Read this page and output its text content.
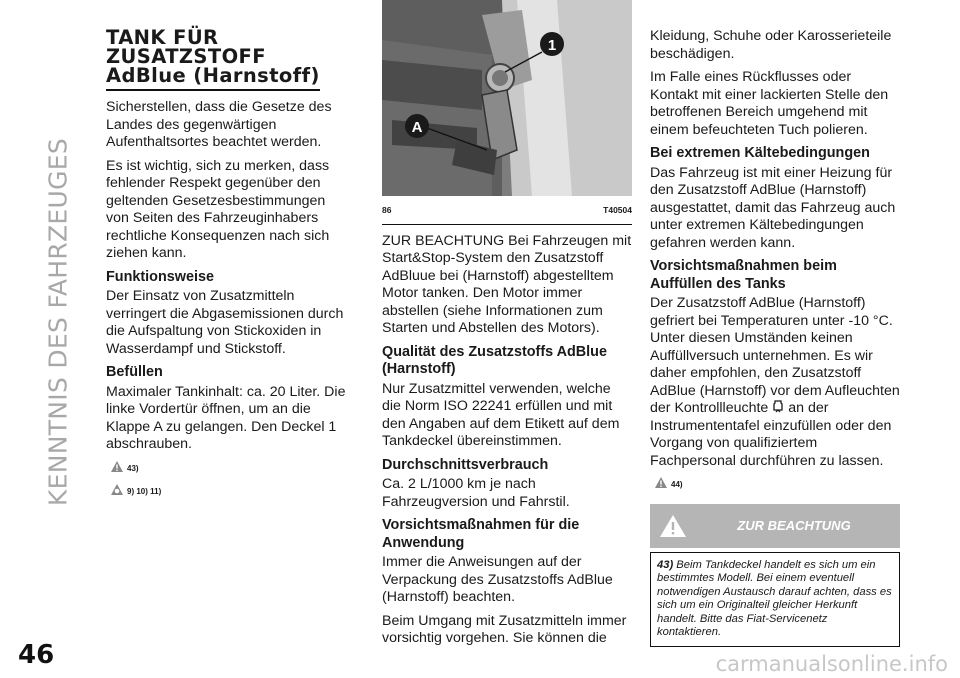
KENNTNIS DES FAHRZEUGES
TANK FÜR
ZUSATZSTOFF
AdBlue (Harnstoff)

Sicherstellen, dass die Gesetze des Landes des gegenwärtigen Aufenthaltsortes beachtet werden.

Es ist wichtig, sich zu merken, dass fehlender Respekt gegenüber den geltenden Gesetzesbestimmungen von Seiten des Fahrzeuginhabers rechtliche Konsequenzen nach sich ziehen kann.

Funktionsweise

Der Einsatz von Zusatzmitteln verringert die Abgasemissionen durch die Aufspaltung von Stickoxiden in Wasserdampf und Stickstoff.

Befüllen

Maximaler Tankinhalt: ca. 20 Liter. Die linke Vordertür öffnen, um an die Klappe A zu gelangen. Den Deckel 1 abschrauben.

43)
9) 10) 11)
1
A
86	T40504

ZUR BEACHTUNG Bei Fahrzeugen mit Start&Stop-System den Zusatzstoff AdBluue bei (Harnstoff) abgestelltem Motor tanken. Den Motor immer abstellen (siehe Informationen zum Starten und Abstellen des Motors).

Qualität des Zusatzstoffs AdBlue (Harnstoff)

Nur Zusatzmittel verwenden, welche die Norm ISO 22241 erfüllen und mit den Angaben auf dem Etikett auf dem Tankdeckel übereinstimmen.

Durchschnittsverbrauch

Ca. 2 L/1000 km je nach Fahrzeugversion und Fahrstil.

Vorsichtsmaßnahmen für die Anwendung

Immer die Anweisungen auf der Verpackung des Zusatzstoffs AdBlue (Harnstoff) beachten.

Beim Umgang mit Zusatzmitteln immer vorsichtig vorgehen. Sie können die

Kleidung, Schuhe oder Karosserieteile beschädigen.

Im Falle eines Rückflusses oder Kontakt mit einer lackierten Stelle den betroffenen Bereich umgehend mit einem befeuchteten Tuch polieren.

Bei extremen Kältebedingungen

Das Fahrzeug ist mit einer Heizung für den Zusatzstoff AdBlue (Harnstoff) ausgestattet, damit das Fahrzeug auch unter extremen Kältebedingungen gefahren werden kann.

Vorsichtsmaßnahmen beim Auffüllen des Tanks

Der Zusatzstoff AdBlue (Harnstoff) gefriert bei Temperaturen unter -10 °C. Unter diesen Umständen keinen Auffüllversuch unternehmen. Es wir daher empfohlen, den Zusatzstoff AdBlue (Harnstoff) vor dem Aufleuchten der Kontrollleuchte an der Instrumententafel einzufüllen oder den Vorgang von qualifiziertem Fachpersonal durchführen zu lassen.

44)
ZUR BEACHTUNG
43) Beim Tankdeckel handelt es sich um ein bestimmtes Modell. Bei einem eventuell notwendigen Austausch darauf achten, dass es sich um ein Originalteil gleicher Herkunft handelt. Bitte das Fiat-Servicenetz kontaktieren.
46	carmanualsonline.info
